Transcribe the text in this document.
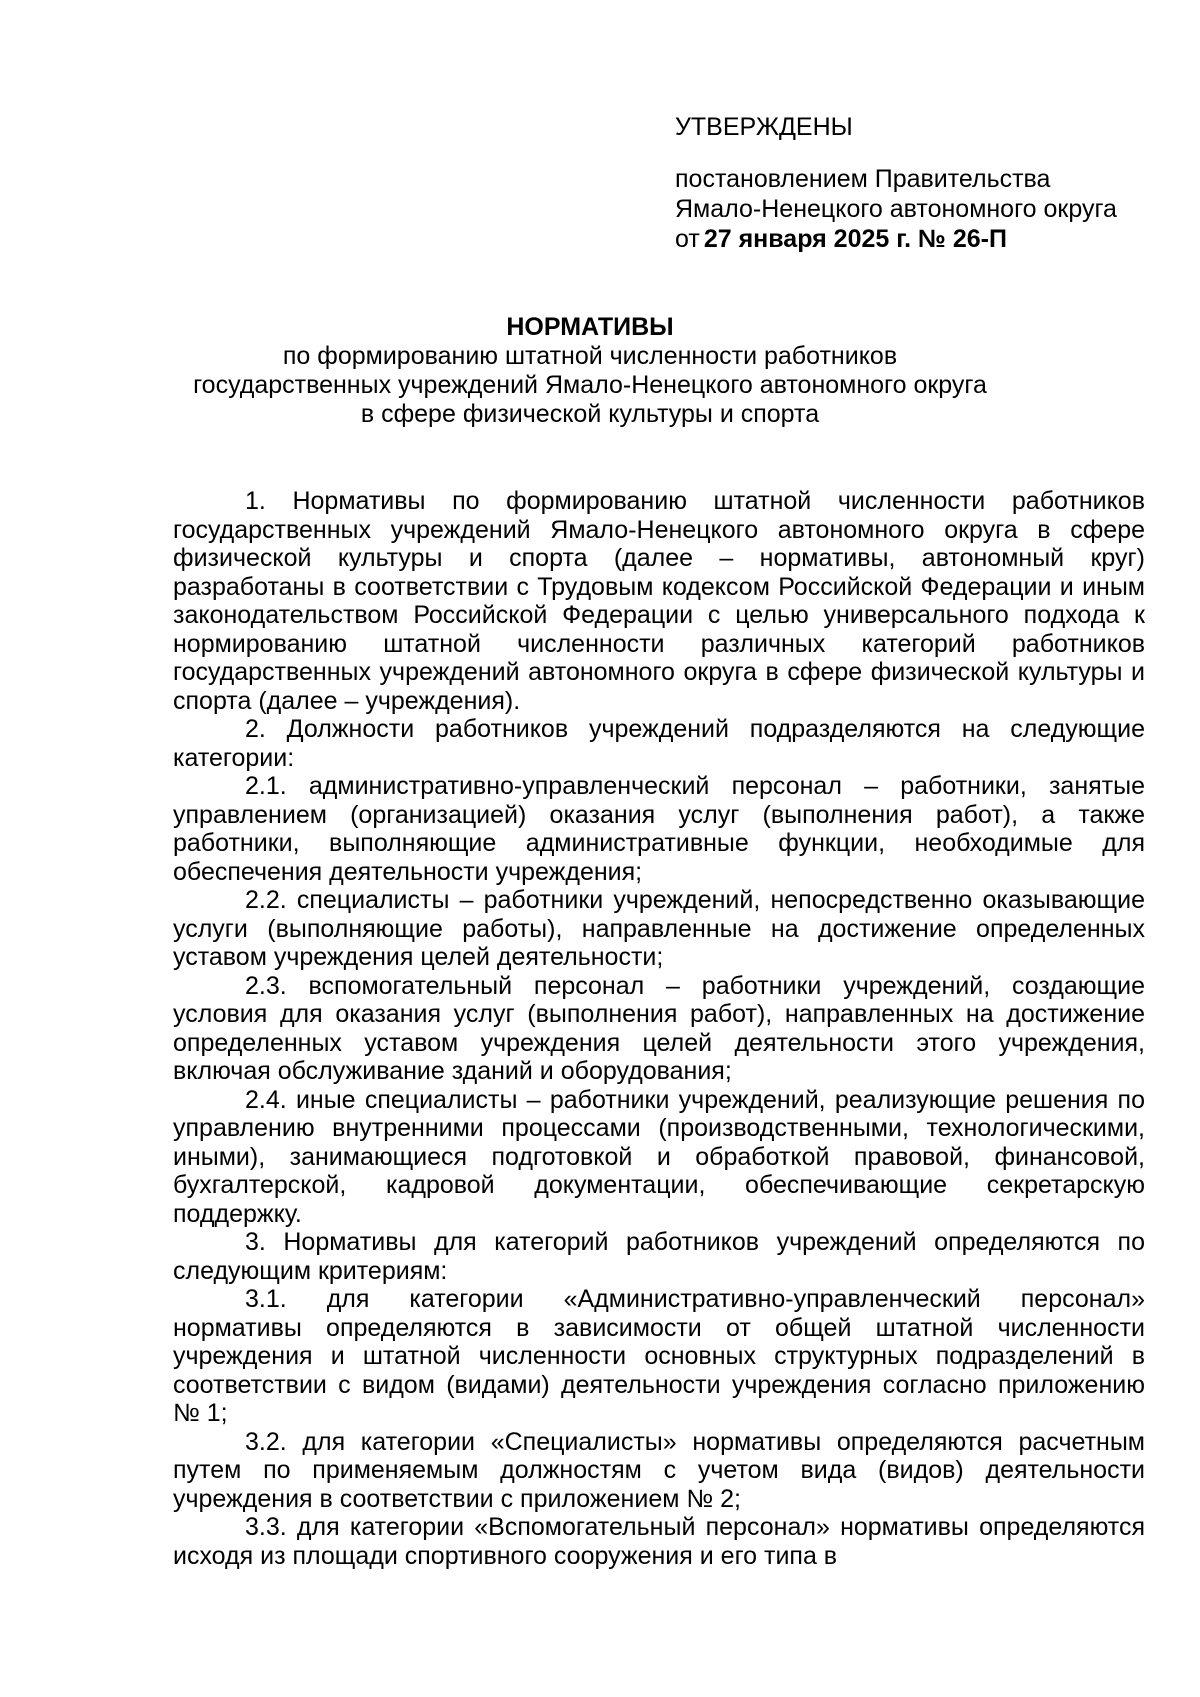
УТВЕРЖДЕНЫ

постановлением Правительства

Ямало-Ненецкого автономного округа

от 27 января 2025 г. № 26-П

НОРМАТИВЫ
по формированию штатной численности работников
государственных учреждений Ямало-Ненецкого автономного округа
в сфере физической культуры и спорта

1. Нормативы по формированию штатной численности работников государственных учреждений Ямало-Ненецкого автономного округа в сфере физической культуры и спорта (далее – нормативы, автономный круг) разработаны в соответствии с Трудовым кодексом Российской Федерации и иным законодательством Российской Федерации с целью универсального подхода к нормированию штатной численности различных категорий работников государственных учреждений автономного округа в сфере физической культуры и спорта (далее – учреждения).

2. Должности работников учреждений подразделяются на следующие категории:

2.1. административно-управленческий персонал – работники, занятые управлением (организацией) оказания услуг (выполнения работ), а также работники, выполняющие административные функции, необходимые для обеспечения деятельности учреждения;

2.2. специалисты – работники учреждений, непосредственно оказывающие услуги (выполняющие работы), направленные на достижение определенных уставом учреждения целей деятельности;

2.3. вспомогательный персонал – работники учреждений, создающие условия для оказания услуг (выполнения работ), направленных на достижение определенных уставом учреждения целей деятельности этого учреждения, включая обслуживание зданий и оборудования;

2.4. иные специалисты – работники учреждений, реализующие решения по управлению внутренними процессами (производственными, технологическими, иными), занимающиеся подготовкой и обработкой правовой, финансовой, бухгалтерской, кадровой документации, обеспечивающие секретарскую поддержку.

3. Нормативы для категорий работников учреждений определяются по следующим критериям:

3.1. для категории «Административно-управленческий персонал» нормативы определяются в зависимости от общей штатной численности учреждения и штатной численности основных структурных подразделений в соответствии с видом (видами) деятельности учреждения согласно приложению № 1;

3.2. для категории «Специалисты» нормативы определяются расчетным путем по применяемым должностям с учетом вида (видов) деятельности учреждения в соответствии с приложением № 2;

3.3. для категории «Вспомогательный персонал» нормативы определяются исходя из площади спортивного сооружения и его типа в
